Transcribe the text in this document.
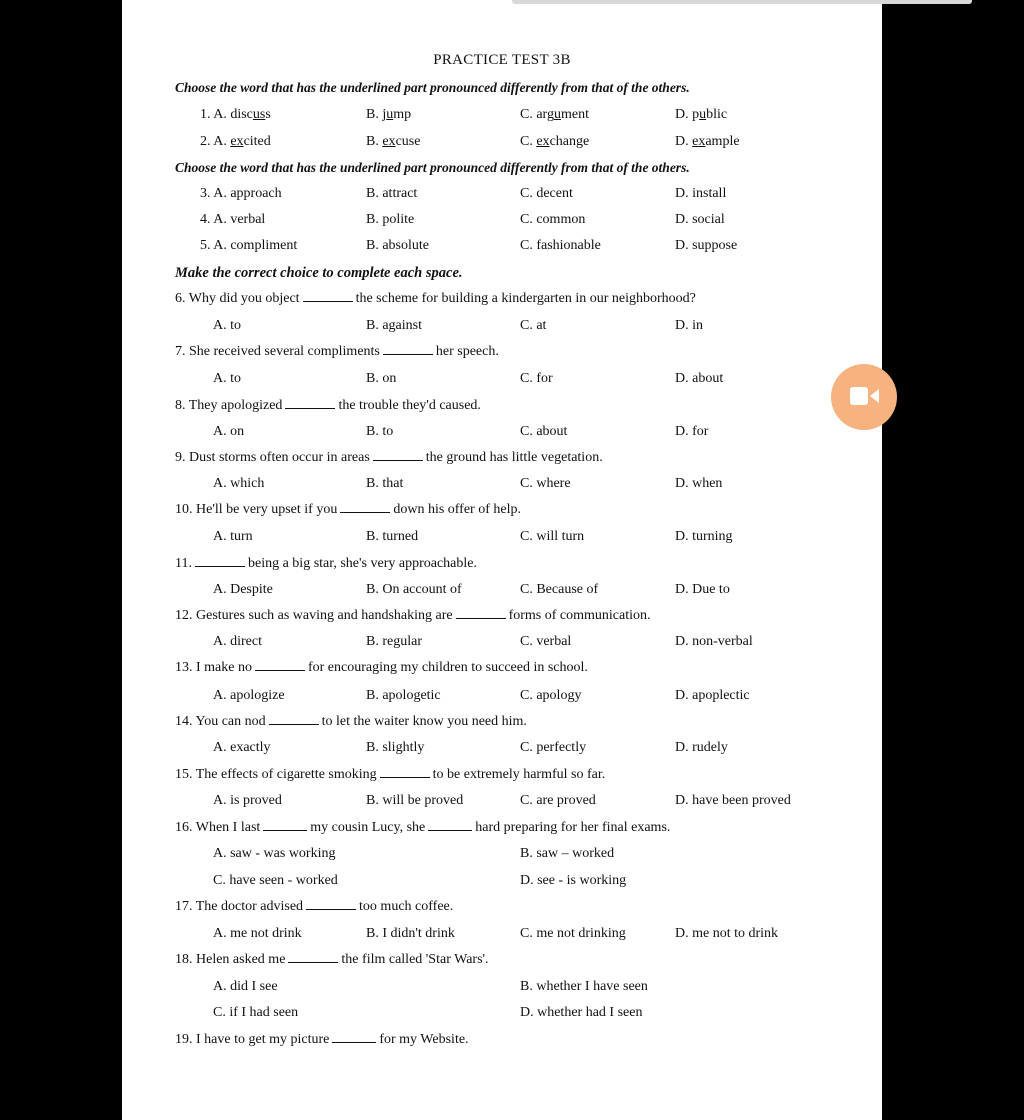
PRACTICE TEST 3B
Choose the word that has the underlined part pronounced differently from that of the others.
1. A. discuss	B. jump	C. argument	D. public
2. A. excited	B. excuse	C. exchange	D. example
Choose the word that has the underlined part pronounced differently from that of the others.
3. A. approach	B. attract	C. decent	D. install
4. A. verbal	B. polite	C. common	D. social
5. A. compliment	B. absolute	C. fashionable	D. suppose
Make the correct choice to complete each space.
6. Why did you object	the scheme for building a kindergarten in our neighborhood?
A. to	B. against	C. at	D. in
7. She received several compliments	her speech.
A. to	B. on	C. for	D. about
8. They apologized	the trouble they'd caused.
A. on	B. to	C. about	D. for
9. Dust storms often occur in areas	the ground has little vegetation.
A. which	B. that	C. where	D. when
10. He'll be very upset if you	down his offer of help.
A. turn	B. turned	C. will turn	D. turning
11.	being a big star, she's very approachable.
A. Despite	B. On account of	C. Because of	D. Due to
12. Gestures such as waving and handshaking are	forms of communication.
A. direct	B. regular	C. verbal	D. non-verbal
13. I make no	for encouraging my children to succeed in school.
A. apologize	B. apologetic	C. apology	D. apoplectic
14. You can nod	to let the waiter know you need him.
A. exactly	B. slightly	C. perfectly	D. rudely
15. The effects of cigarette smoking	to be extremely harmful so far.
A. is proved	B. will be proved	C. are proved	D. have been proved
16. When I last	my cousin Lucy, she	hard preparing for her final exams.
A. saw - was working	B. saw – worked
C. have seen - worked	D. see - is working
17. The doctor advised	too much coffee.
A. me not drink	B. I didn't drink	C. me not drinking	D. me not to drink
18. Helen asked me	the film called 'Star Wars'.
A. did I see	B. whether I have seen
C. if I had seen	D. whether had I seen
19. I have to get my picture	for my Website.
